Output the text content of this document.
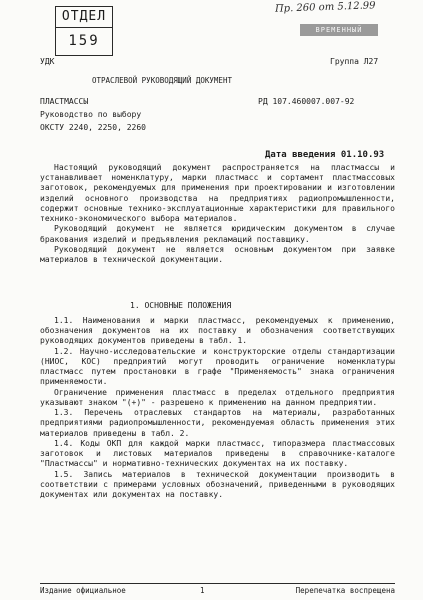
ОТДЕЛ
159
Пр. 260 от 5.12.99
ВРЕМЕННЫЙ
УДК	Группа Л27
ОТРАСЛЕВОЙ РУКОВОДЯЩИЙ ДОКУМЕНТ
ПЛАСТМАССЫ	РД 107.460007.007-92
Руководство по выбору
ОКСТУ 2240, 2250, 2260
Дата введения 01.10.93

Настоящий руководящий документ распространяется на пластмассы и устанавливает номенклатуру, марки пластмасс и сортамент пластмассовых заготовок, рекомендуемых для применения при проектировании и изготовлении изделий основного производства на предприятиях радиопромышленности, содержит основные технико-эксплуатационные характеристики для правильного технико-экономического выбора материалов.

Руководящий документ не является юридическим документом в случае бракования изделий и предъявления рекламаций поставщику.

Руководящий документ не является основным документом при заявке материалов в технической документации.

1. ОСНОВНЫЕ ПОЛОЖЕНИЯ

1.1. Наименования и марки пластмасс, рекомендуемых к применению, обозначения документов на их поставку и обозначения соответствующих руководящих документов приведены в табл. 1.

1.2. Научно-исследовательские и конструкторские отделы стандартизации (НИОС, КОС) предприятий могут проводить ограничение номенклатуры пластмасс путем простановки в графе "Применяемость" знака ограничения применяемости.

Ограничение применения пластмасс в пределах отдельного предприятия указывают знаком "(+)" - разрешено к применению на данном предприятии.

1.3. Перечень отраслевых стандартов на материалы, разработанных предприятиями радиопромышленности, рекомендуемая область применения этих материалов приведены в табл. 2.

1.4. Коды ОКП для каждой марки пластмасс, типоразмера пластмассовых заготовок и листовых материалов приведены в справочнике-каталоге "Пластмассы" и нормативно-технических документах на их поставку.

1.5. Запись материалов в технической документации производить в соответствии с примерами условных обозначений, приведенными в руководящих документах или документах на поставку.

Издание официальное	1	Перепечатка воспрещена
